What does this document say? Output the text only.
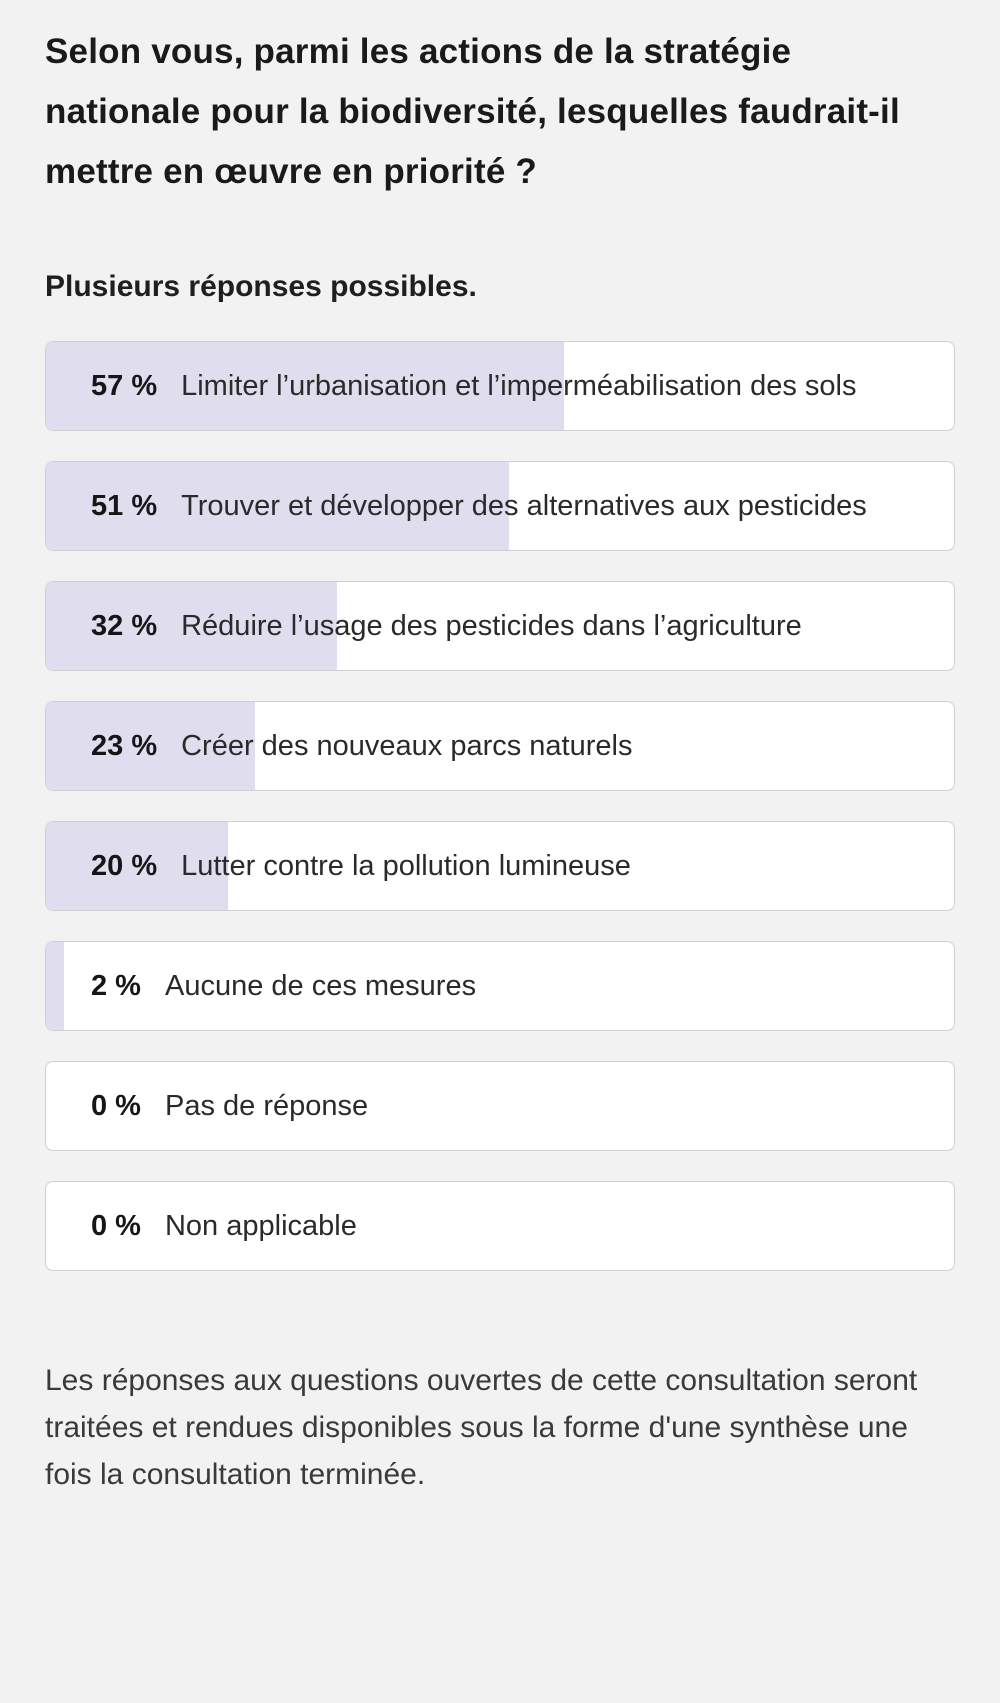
Selon vous, parmi les actions de la stratégie nationale pour la biodiversité, lesquelles faudrait-il mettre en œuvre en priorité ?

Plusieurs réponses possibles.

57 % Limiter l’urbanisation et l’imperméabilisation des sols
51 % Trouver et développer des alternatives aux pesticides
32 % Réduire l’usage des pesticides dans l’agriculture
23 % Créer des nouveaux parcs naturels
20 % Lutter contre la pollution lumineuse
2 % Aucune de ces mesures
0 % Pas de réponse
0 % Non applicable

Les réponses aux questions ouvertes de cette consultation seront traitées et rendues disponibles sous la forme d'une synthèse une fois la consultation terminée.
